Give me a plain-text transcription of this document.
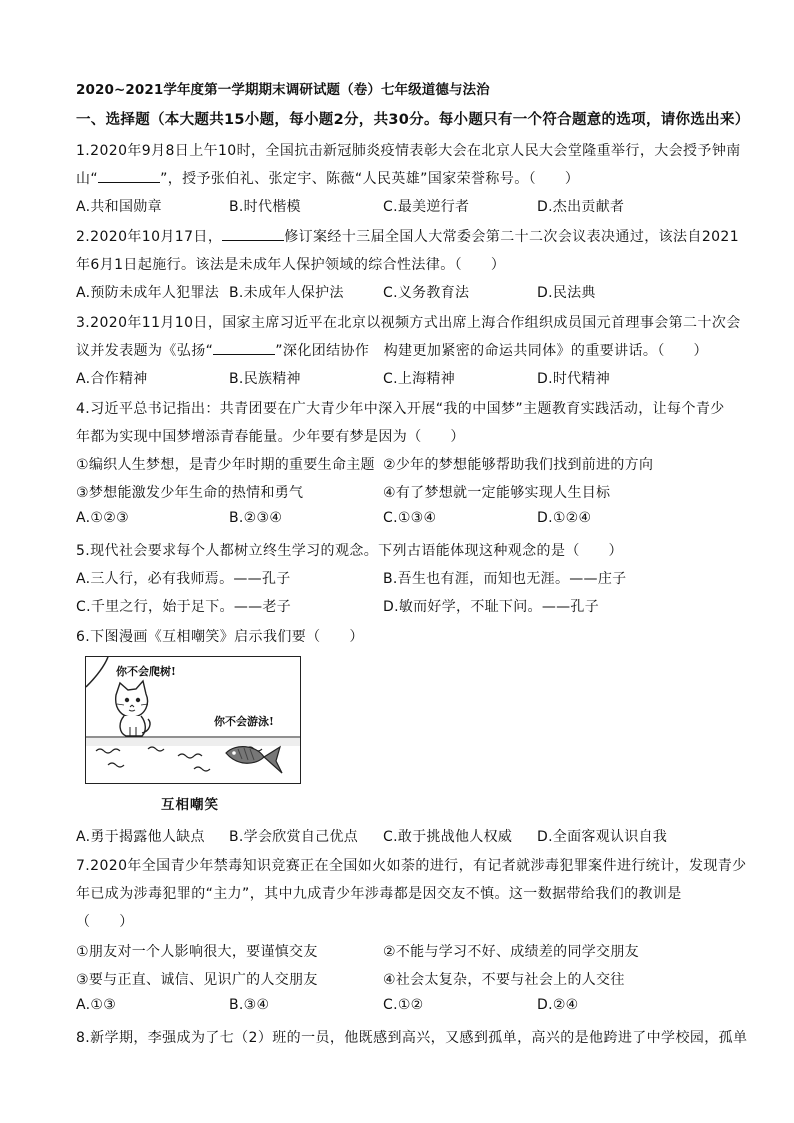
2020~2021学年度第一学期期末调研试题（卷）七年级道德与法治
一、选择题（本大题共15小题，每小题2分，共30分。每小题只有一个符合题意的选项，请你选出来）
1.2020年9月8日上午10时，全国抗击新冠肺炎疫情表彰大会在北京人民大会堂隆重举行，大会授予钟南
山“	”，授予张伯礼、张定宇、陈薇“人民英雄”国家荣誉称号。（　　）
A.共和国勋章	B.时代楷模	C.最美逆行者	D.杰出贡献者
2.2020年10月17日，	修订案经十三届全国人大常委会第二十二次会议表决通过，该法自2021
年6月1日起施行。该法是未成年人保护领域的综合性法律。（　　）
A.预防未成年人犯罪法 B.未成年人保护法	C.义务教育法	D.民法典
3.2020年11月10日，国家主席习近平在北京以视频方式出席上海合作组织成员国元首理事会第二十次会
议并发表题为《弘扬“	”深化团结协作　构建更加紧密的命运共同体》的重要讲话。（　　）
A.合作精神	B.民族精神	C.上海精神	D.时代精神
4.习近平总书记指出：共青团要在广大青少年中深入开展“我的中国梦”主题教育实践活动，让每个青少
年都为实现中国梦增添青春能量。少年要有梦是因为（　　）
①编织人生梦想，是青少年时期的重要生命主题 ②少年的梦想能够帮助我们找到前进的方向
③梦想能激发少年生命的热情和勇气	④有了梦想就一定能够实现人生目标
A.①②③	B.②③④	C.①③④	D.①②④
5.现代社会要求每个人都树立终生学习的观念。下列古语能体现这种观念的是（　　）
A.三人行，必有我师焉。——孔子	B.吾生也有涯，而知也无涯。——庄子
C.千里之行，始于足下。——老子	D.敏而好学，不耻下问。——孔子
6.下图漫画《互相嘲笑》启示我们要（　　）
你不会爬树!
你不会游泳!
互相嘲笑
A.勇于揭露他人缺点 B.学会欣赏自己优点 C.敢于挑战他人权威 D.全面客观认识自我
7.2020年全国青少年禁毒知识竞赛正在全国如火如荼的进行，有记者就涉毒犯罪案件进行统计，发现青少
年已成为涉毒犯罪的“主力”，其中九成青少年涉毒都是因交友不慎。这一数据带给我们的教训是
（　　）
①朋友对一个人影响很大，要谨慎交友	②不能与学习不好、成绩差的同学交朋友
③要与正直、诚信、见识广的人交朋友	④社会太复杂，不要与社会上的人交往
A.①③	B.③④	C.①②	D.②④
8.新学期，李强成为了七（2）班的一员，他既感到高兴，又感到孤单，高兴的是他跨进了中学校园，孤单
